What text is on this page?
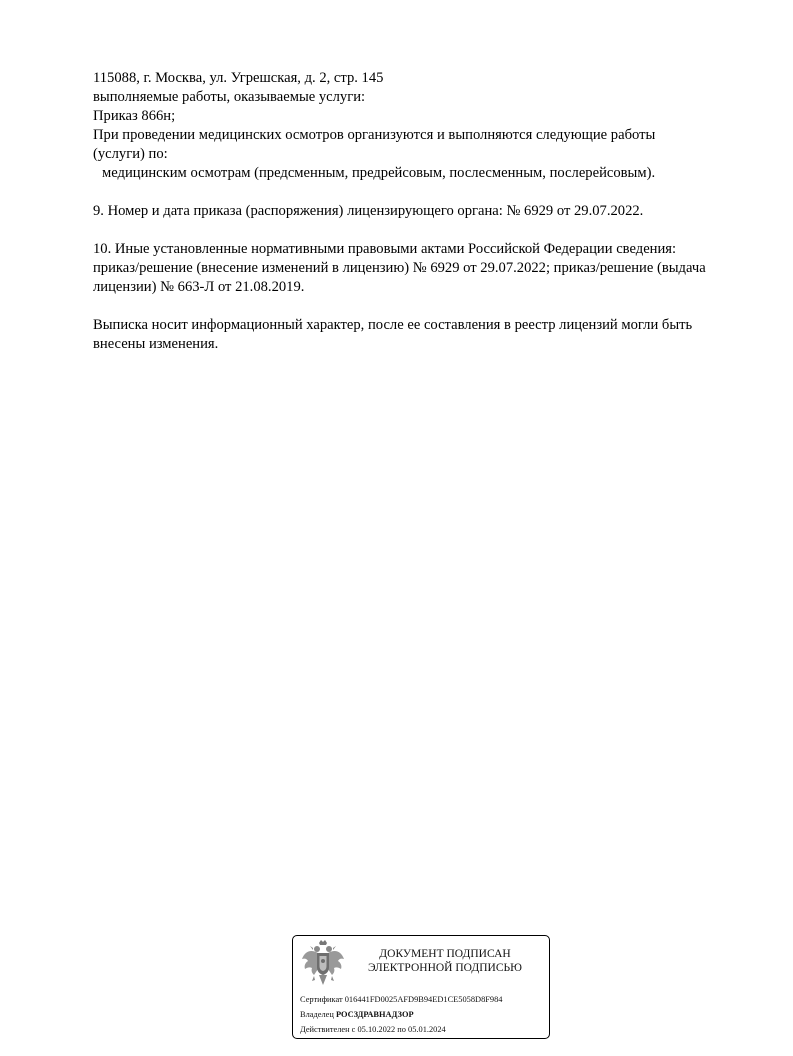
115088, г. Москва, ул. Угрешская, д. 2, стр. 145
выполняемые работы, оказываемые услуги:
Приказ 866н;
При проведении медицинских осмотров организуются и выполняются следующие работы
(услуги) по:
медицинским осмотрам (предсменным, предрейсовым, послесменным, послерейсовым).
9. Номер и дата приказа (распоряжения) лицензирующего органа: № 6929 от 29.07.2022.
10. Иные установленные нормативными правовыми актами Российской Федерации сведения:
приказ/решение (внесение изменений в лицензию) № 6929 от 29.07.2022; приказ/решение (выдача
лицензии) № 663-Л от 21.08.2019.
Выписка носит информационный характер, после ее составления в реестр лицензий могли быть
внесены изменения.
ДОКУМЕНТ ПОДПИСАН
ЭЛЕКТРОННОЙ ПОДПИСЬЮ
Сертификат 016441FD0025AFD9B94ED1CE5058D8F984
Владелец РОСЗДРАВНАДЗОР
Действителен с 05.10.2022 по 05.01.2024
